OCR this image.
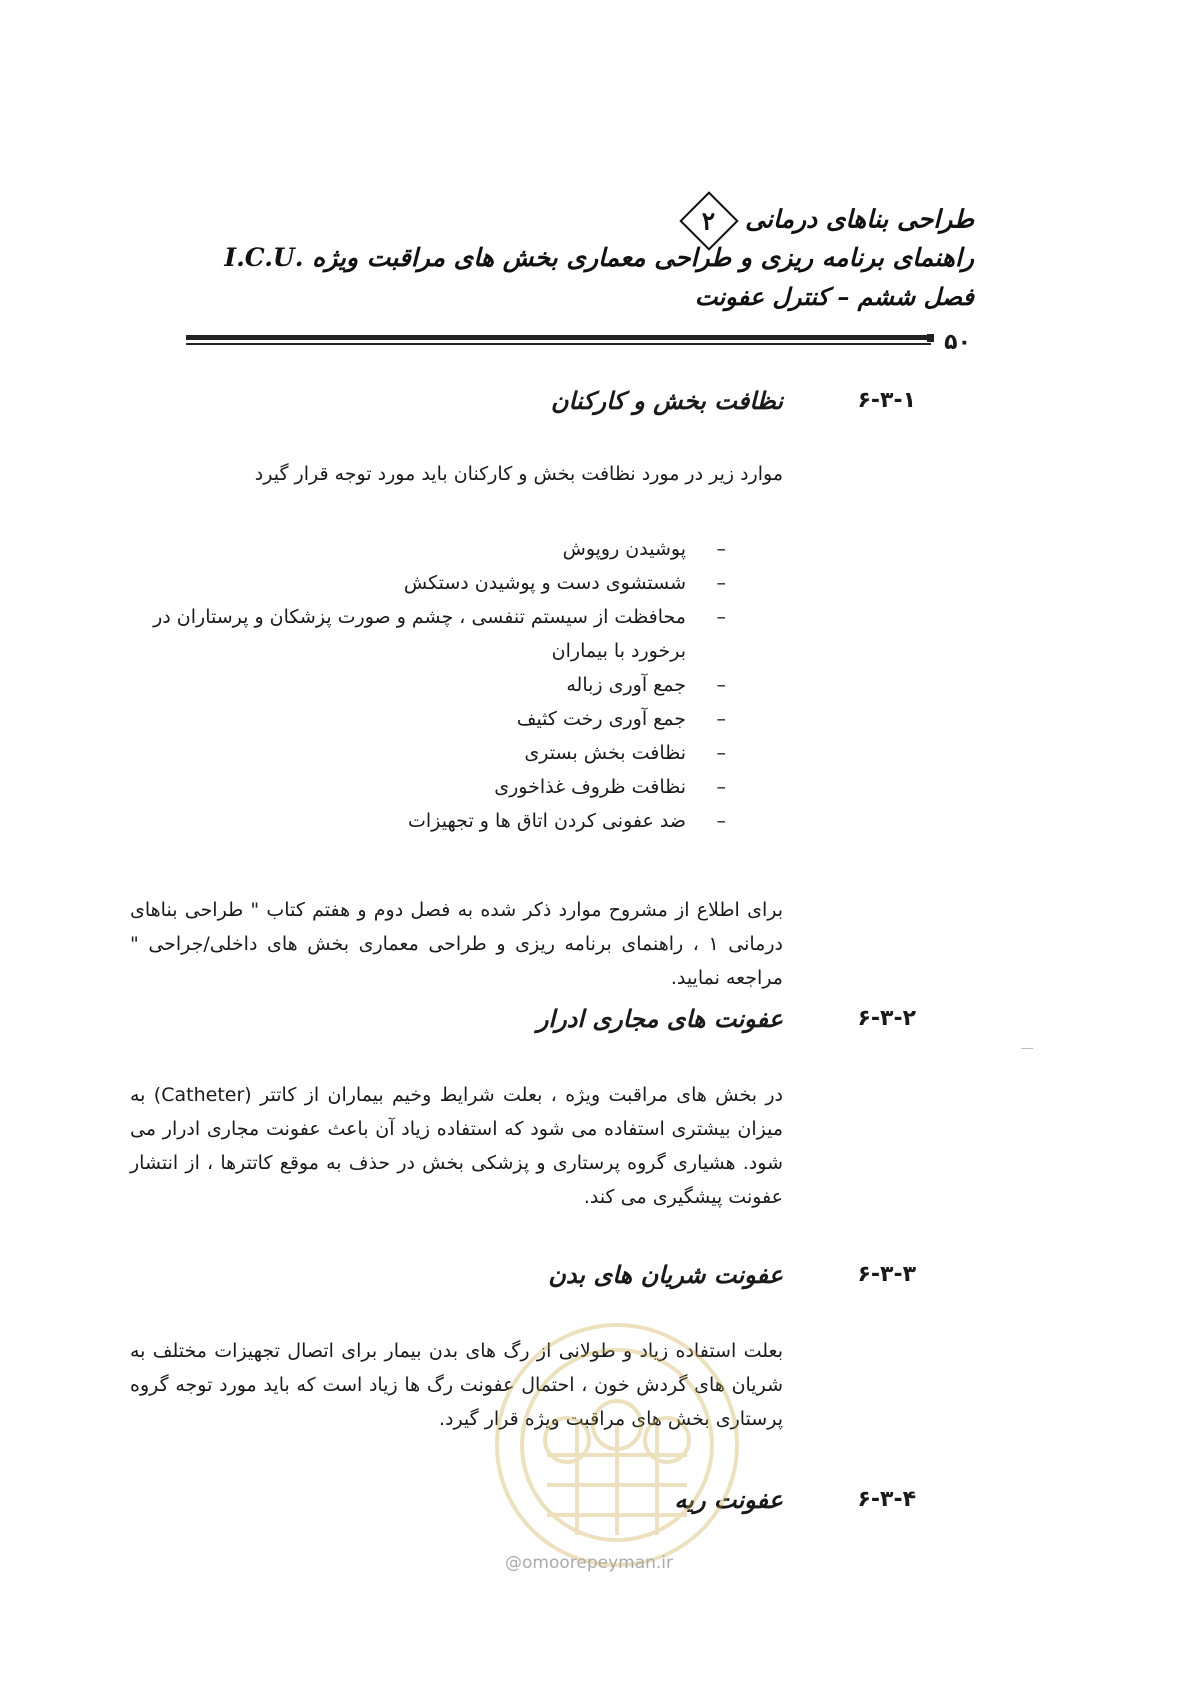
طراحی بناهای درمانی
۲
راهنمای برنامه ریزی و طراحی معماری بخش های مراقبت ویژه .I.C.U
فصل ششم – کنترل عفونت
۵۰
۶-۳-۱
نظافت بخش و کارکنان
موارد زیر در مورد نظافت بخش و کارکنان باید مورد توجه قرار گیرد
– پوشیدن روپوش
– شستشوی دست و پوشیدن دستکش
– محافظت از سیستم تنفسی ، چشم و صورت پزشکان و پرستاران در برخورد با بیماران
– جمع آوری زباله
– جمع آوری رخت کثیف
– نظافت بخش بستری
– نظافت ظروف غذاخوری
– ضد عفونی کردن اتاق ها و تجهیزات
برای اطلاع از مشروح موارد ذکر شده به فصل دوم و هفتم کتاب " طراحی بناهای درمانی ۱ ، راهنمای برنامه ریزی و طراحی معماری بخش های داخلی/جراحی " مراجعه نمایید.
۶-۳-۲
عفونت های مجاری ادرار
در بخش های مراقبت ویژه ، بعلت شرایط وخیم بیماران از کاتتر (Catheter) به میزان بیشتری استفاده می شود که استفاده زیاد آن باعث عفونت مجاری ادرار می شود. هشیاری گروه پرستاری و پزشکی بخش در حذف به موقع کاتترها ، از انتشار عفونت پیشگیری می کند.
۶-۳-۳
عفونت شریان های بدن
بعلت استفاده زیاد و طولانی از رگ های بدن بیمار برای اتصال تجهیزات مختلف به شریان های گردش خون ، احتمال عفونت رگ ها زیاد است که باید مورد توجه گروه پرستاری بخش های مراقبت ویژه قرار گیرد.
۶-۳-۴
عفونت ریه
@omoorepeyman.ir
